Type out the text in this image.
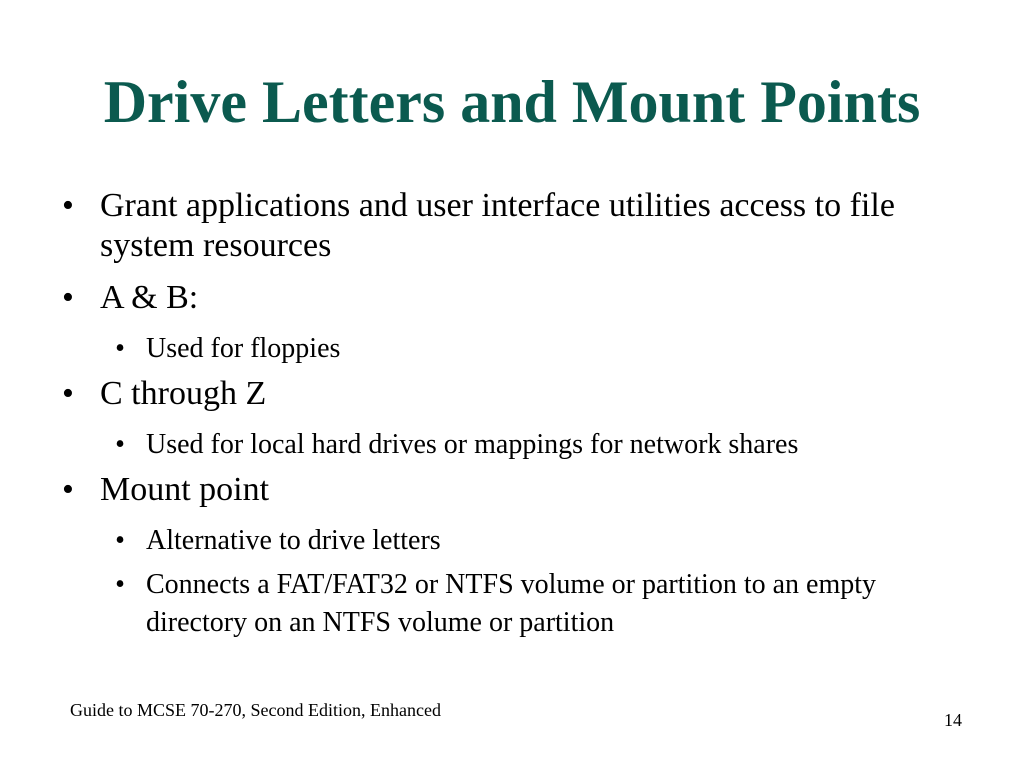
Drive Letters and Mount Points
• Grant applications and user interface utilities access to file system resources
• A & B:
• Used for floppies
• C through Z
• Used for local hard drives or mappings for network shares
• Mount point
• Alternative to drive letters
• Connects a FAT/FAT32 or NTFS volume or partition to an empty directory on an NTFS volume or partition
Guide to MCSE 70-270, Second Edition, Enhanced	14
